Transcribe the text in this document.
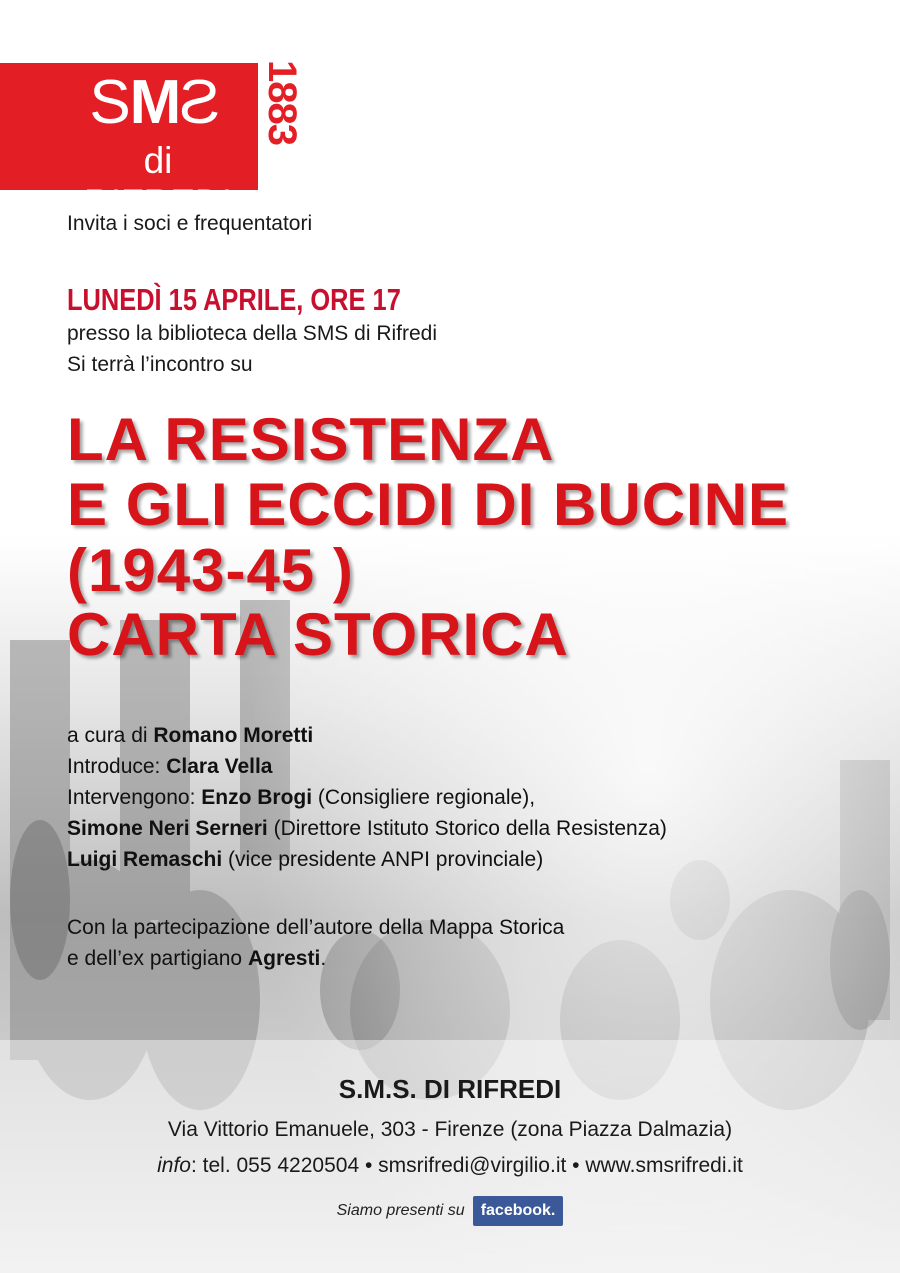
SMS
di RIFREDI
1883
Invita i soci e frequentatori
LUNEDÌ 15 APRILE, ORE 17
presso la biblioteca della SMS di Rifredi
Si terrà l’incontro su
LA RESISTENZA
E GLI ECCIDI DI BUCINE
(1943-45 )
CARTA STORICA
a cura di Romano Moretti
Introduce: Clara Vella
Intervengono: Enzo Brogi (Consigliere regionale),
Simone Neri Serneri (Direttore Istituto Storico della Resistenza)
Luigi Remaschi (vice presidente ANPI provinciale)
Con la partecipazione dell’autore della Mappa Storica
e dell’ex partigiano Agresti.
S.M.S. DI RIFREDI
Via Vittorio Emanuele, 303 - Firenze (zona Piazza Dalmazia)
info: tel. 055 4220504 • smsrifredi@virgilio.it • www.smsrifredi.it
Siamo presenti su facebook.
